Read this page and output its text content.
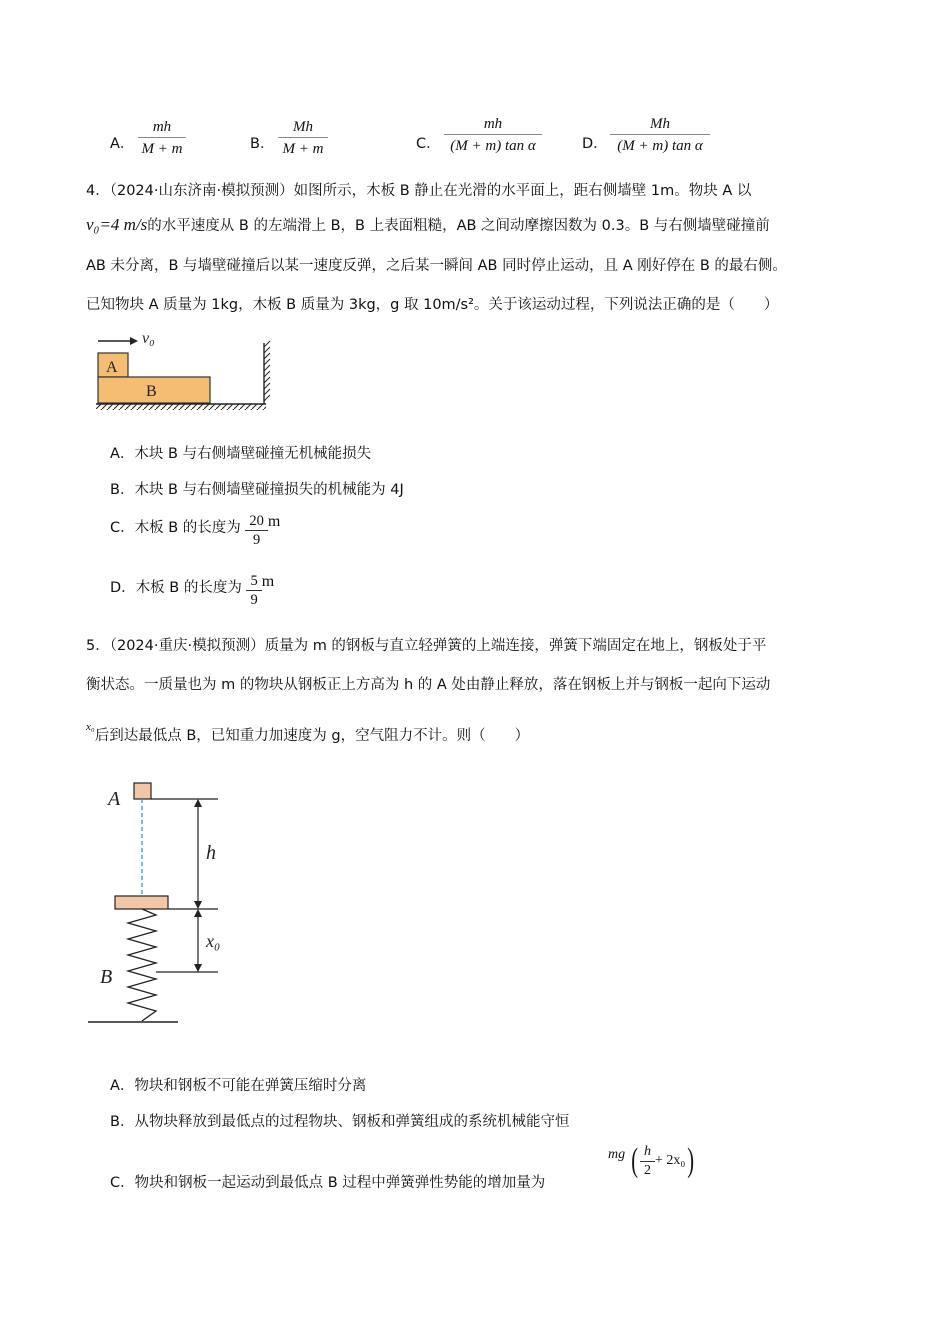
A．
mh
M + m	B．
Mh
M + m	C．
mh
(M + m) tan α	D．
Mh
(M + m) tan α
4．（2024·山东济南·模拟预测）如图所示，木板 B 静止在光滑的水平面上，距右侧墙壁 1m。物块 A 以
v₀=4 m/s的水平速度从 B 的左端滑上 B，B 上表面粗糙，AB 之间动摩擦因数为 0.3。B 与右侧墙壁碰撞前
AB 未分离，B 与墙壁碰撞后以某一速度反弹，之后某一瞬间 AB 同时停止运动，且 A 刚好停在 B 的最右侧。
已知物块 A 质量为 1kg，木板 B 质量为 3kg，g 取 10m/s²。关于该运动过程，下列说法正确的是（　　）
v₀
A
B
A．木块 B 与右侧墙壁碰撞无机械能损失
B．木块 B 与右侧墙壁碰撞损失的机械能为 4J
C．木板 B 的长度为 $\frac{20}{9}$ m
D．木板 B 的长度为 $\frac{5}{9}$ m
5．（2024·重庆·模拟预测）质量为 m 的钢板与直立轻弹簧的上端连接，弹簧下端固定在地上，钢板处于平
衡状态。一质量也为 m 的物块从钢板正上方高为 h 的 A 处由静止释放，落在钢板上并与钢板一起向下运动
$^{x_0}$后到达最低点 B，已知重力加速度为 g，空气阻力不计。则（　　）
A
h
x₀
B
A．物块和钢板不可能在弹簧压缩时分离
B．从物块释放到最低点的过程物块、钢板和弹簧组成的系统机械能守恒
C．物块和钢板一起运动到最低点 B 过程中弹簧弹性势能的增加量为
mg ( $\frac{h}{2} + 2x_0$)
